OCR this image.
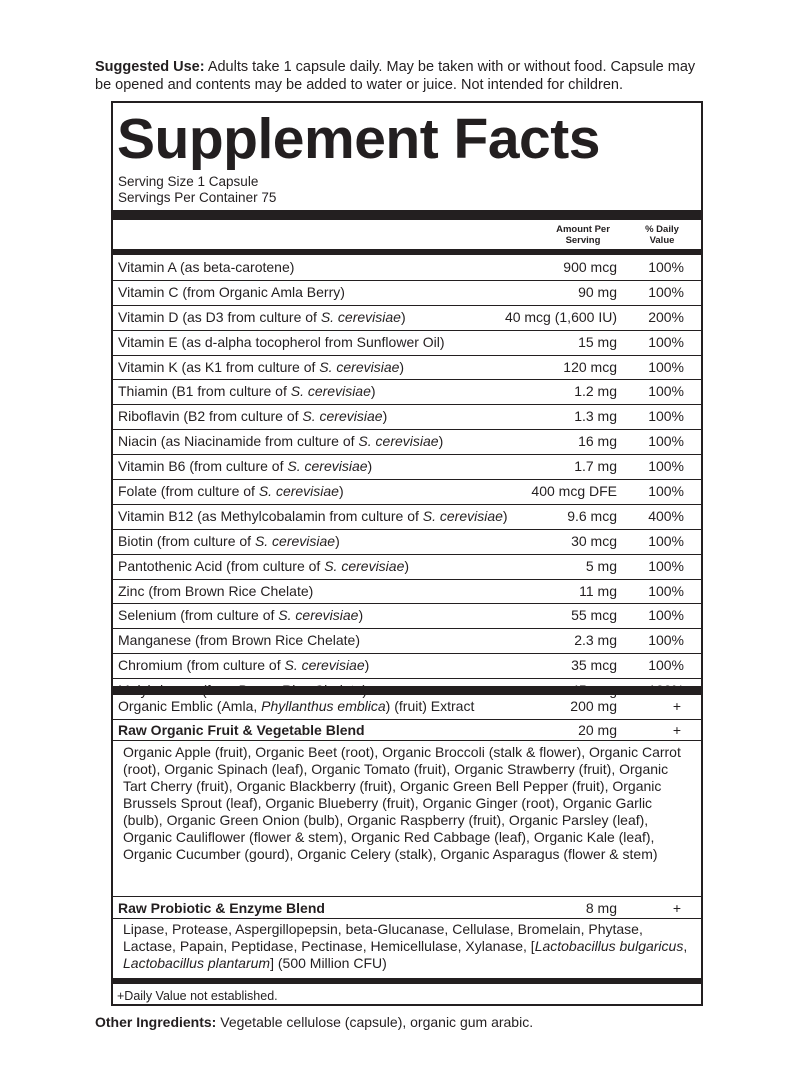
Suggested Use: Adults take 1 capsule daily. May be taken with or without food. Capsule may be opened and contents may be added to water or juice. Not intended for children.
Supplement Facts
Serving Size 1 Capsule
Servings Per Container 75
Amount Per
Serving
% Daily
Value
Vitamin A (as beta-carotene)	900 mcg 100%
Vitamin C (from Organic Amla Berry)	90 mg 100%
Vitamin D (as D3 from culture of S. cerevisiae)	40 mcg (1,600 IU) 200%
Vitamin E (as d-alpha tocopherol from Sunflower Oil)	15 mg 100%
Vitamin K (as K1 from culture of S. cerevisiae)	120 mcg 100%
Thiamin (B1 from culture of S. cerevisiae)	1.2 mg 100%
Riboflavin (B2 from culture of S. cerevisiae)	1.3 mg 100%
Niacin (as Niacinamide from culture of S. cerevisiae)	16 mg 100%
Vitamin B6 (from culture of S. cerevisiae)	1.7 mg 100%
Folate (from culture of S. cerevisiae)	400 mcg DFE 100%
Vitamin B12 (as Methylcobalamin from culture of S. cerevisiae)	9.6 mcg 400%
Biotin (from culture of S. cerevisiae)	30 mcg 100%
Pantothenic Acid (from culture of S. cerevisiae)	5 mg 100%
Zinc (from Brown Rice Chelate)	11 mg 100%
Selenium (from culture of S. cerevisiae)	55 mcg 100%
Manganese (from Brown Rice Chelate)	2.3 mg 100%
Chromium (from culture of S. cerevisiae)	35 mcg 100%
Organic Emblic (Amla, Phyllanthus emblica) (fruit) Extract	200 mg	+
Raw Organic Fruit & Vegetable Blend	20 mg	+
Organic Apple (fruit), Organic Beet (root), Organic Broccoli (stalk & flower), Organic Carrot (root), Organic Spinach (leaf), Organic Tomato (fruit), Organic Strawberry (fruit), Organic Tart Cherry (fruit), Organic Blackberry (fruit), Organic Green Bell Pepper (fruit), Organic Brussels Sprout (leaf), Organic Blueberry (fruit), Organic Ginger (root), Organic Garlic (bulb), Organic Green Onion (bulb), Organic Raspberry (fruit), Organic Parsley (leaf), Organic Cauliflower (flower & stem), Organic Red Cabbage (leaf), Organic Kale (leaf), Organic Cucumber (gourd), Organic Celery (stalk), Organic Asparagus (flower & stem)
Raw Probiotic & Enzyme Blend	8 mg	+
Lipase, Protease, Aspergillopepsin, beta-Glucanase, Cellulase, Bromelain, Phytase, Lactase, Papain, Peptidase, Pectinase, Hemicellulase, Xylanase, [Lactobacillus bulgaricus, Lactobacillus plantarum] (500 Million CFU)
+Daily Value not established.
Other Ingredients: Vegetable cellulose (capsule), organic gum arabic.
